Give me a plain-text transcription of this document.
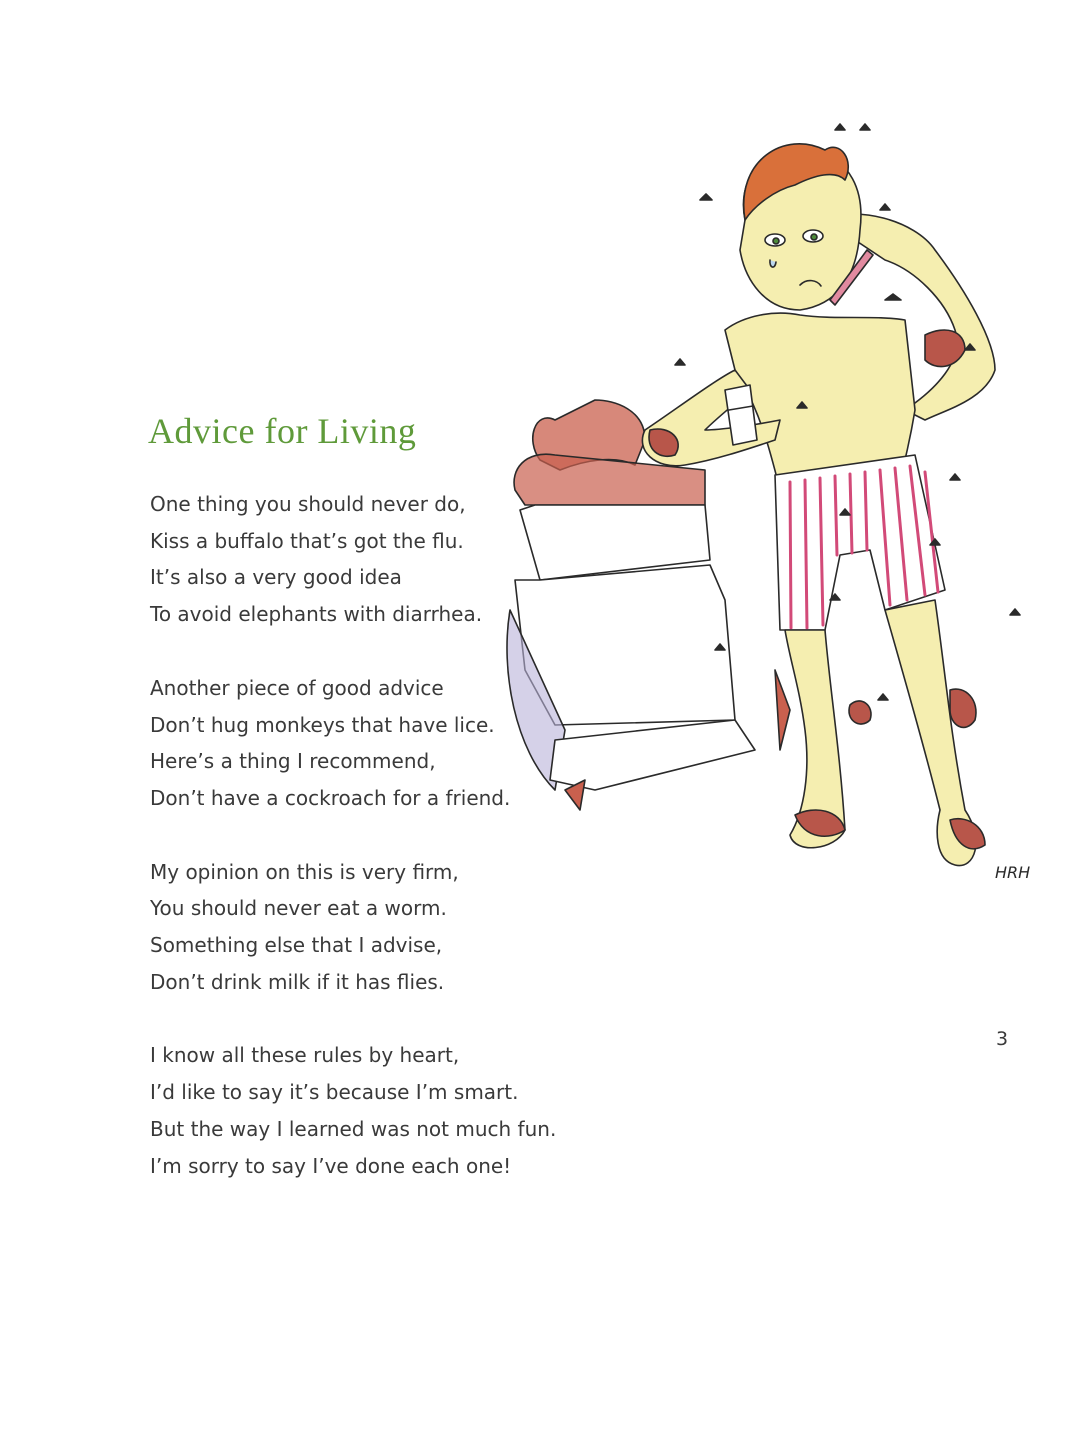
Advice for Living
One thing you should never do,
Kiss a buffalo that’s got the flu.
It’s also a very good idea
To avoid elephants with diarrhea.
Another piece of good advice
Don’t hug monkeys that have lice.
Here’s a thing I recommend,
Don’t have a cockroach for a friend.
My opinion on this is very firm,
You should never eat a worm.
Something else that I advise,
Don’t drink milk if it has flies.
I know all these rules by heart,
I’d like to say it’s because I’m smart.
But the way I learned was not much fun.
I’m sorry to say I’ve done each one!
HRH
3
